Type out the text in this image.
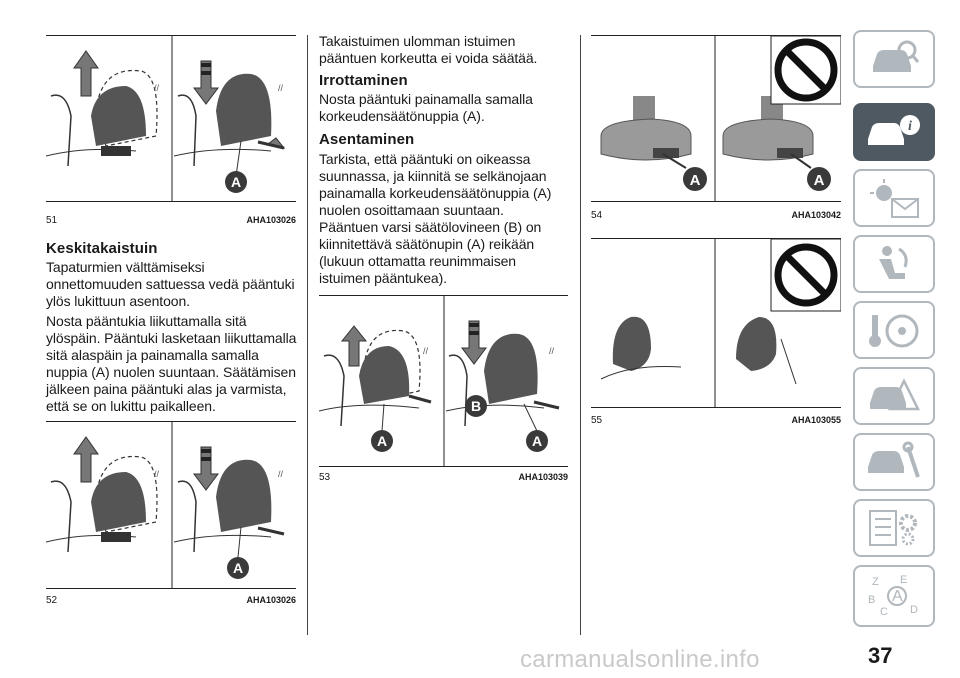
//	//
A
51	AHA103026
Keskitakaistuin
Tapaturmien välttämiseksi onnettomuuden sattuessa vedä pääntuki ylös lukittuun asentoon.
Nosta pääntukia liikuttamalla sitä ylöspäin. Pääntuki lasketaan liikuttamalla sitä alaspäin ja painamalla samalla nuppia (A) nuolen suuntaan. Säätämisen jälkeen paina pääntuki alas ja varmista, että se on lukittu paikalleen.
//	//
A
52	AHA103026
Takaistuimen ulomman istuimen pääntuen korkeutta ei voida säätää.
Irrottaminen
Nosta pääntuki painamalla samalla korkeudensäätönuppia (A).
Asentaminen
Tarkista, että pääntuki on oikeassa suunnassa, ja kiinnitä se selkänojaan painamalla korkeudensäätönuppia (A) nuolen osoittamaan suuntaan.
Pääntuen varsi säätölovineen (B) on kiinnitettävä säätönupin (A) reikään (lukuun ottamatta reunimmaisen istuimen pääntukea).
//
A
//
B
A
53	AHA103039
A	A
54	AHA103042
55	AHA103055
i
Z E
B A
C D
carmanualsonline.info	37
